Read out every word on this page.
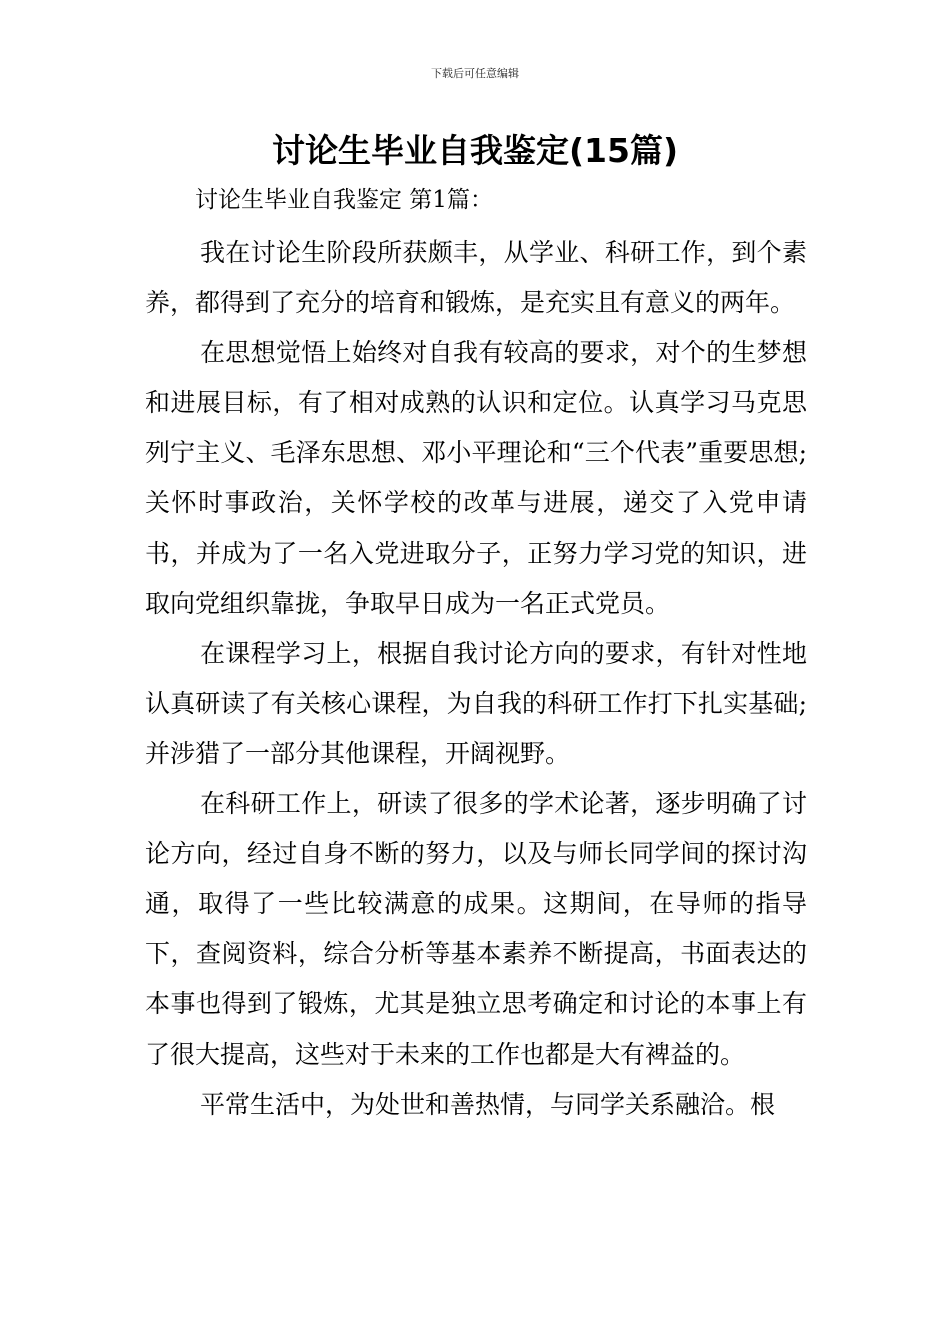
下载后可任意编辑
讨论生毕业自我鉴定(15篇)
讨论生毕业自我鉴定 第1篇：

我在讨论生阶段所获颇丰，从学业、科研工作，到个素养，都得到了充分的培育和锻炼，是充实且有意义的两年。

在思想觉悟上始终对自我有较高的要求，对个的生梦想和进展目标，有了相对成熟的认识和定位。认真学习马克思列宁主义、毛泽东思想、邓小平理论和“三个代表”重要思想;关怀时事政治，关怀学校的改革与进展，递交了入党申请书，并成为了一名入党进取分子，正努力学习党的知识，进取向党组织靠拢，争取早日成为一名正式党员。

在课程学习上，根据自我讨论方向的要求，有针对性地认真研读了有关核心课程，为自我的科研工作打下扎实基础;并涉猎了一部分其他课程，开阔视野。

在科研工作上，研读了很多的学术论著，逐步明确了讨论方向，经过自身不断的努力，以及与师长同学间的探讨沟通，取得了一些比较满意的成果。这期间，在导师的指导下，查阅资料，综合分析等基本素养不断提高，书面表达的本事也得到了锻炼，尤其是独立思考确定和讨论的本事上有了很大提高，这些对于未来的工作也都是大有裨益的。

平常生活中，为处世和善热情，与同学关系融洽。根
